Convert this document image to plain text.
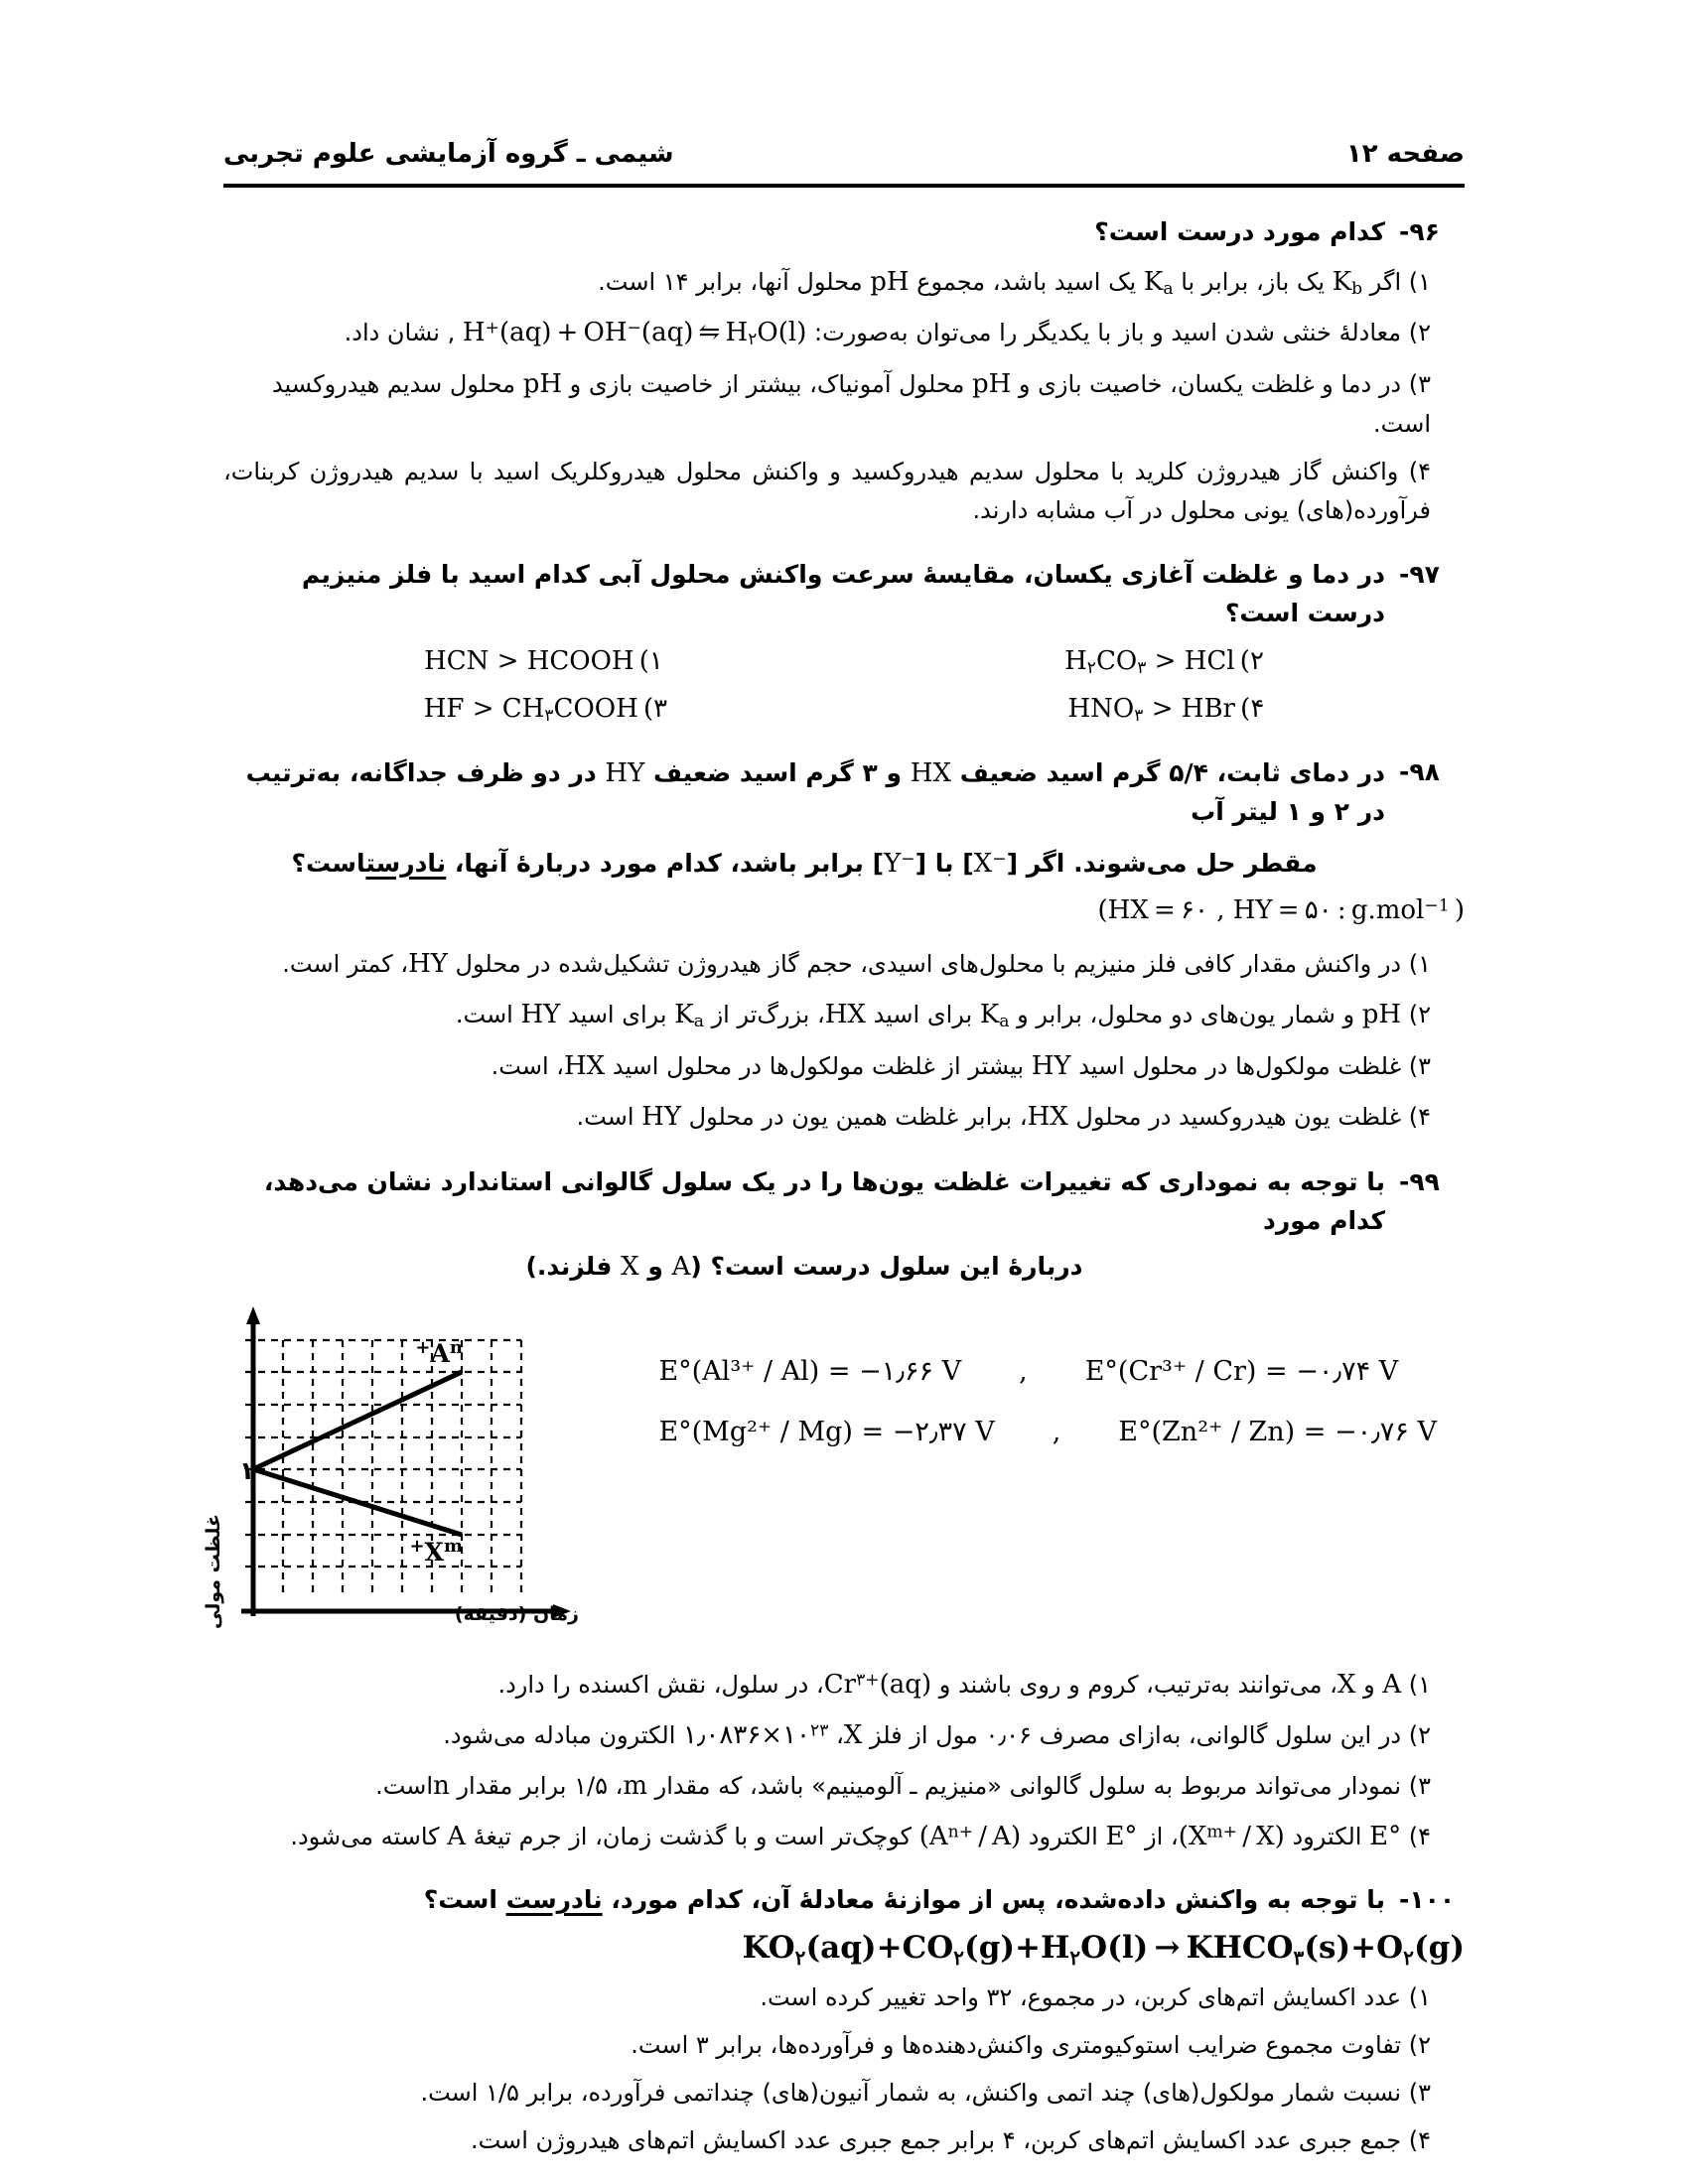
شیمی ـ گروه آزمایشی علوم تجربی	صفحه ۱۲
۹۶-
کدام مورد درست است؟
۱) اگر $K_b$ یک باز، برابر با $K_a$ یک اسید باشد، مجموع pH محلول آنها، برابر ۱۴ است.
۲) معادلهٔ خنثی شدن اسید و باز با یکدیگر را می‌توان به‌صورت: H+(aq) + OH−(aq) ⇋ $H_۲O(l)$ , نشان داد.
۳) در دما و غلظت یکسان، خاصیت بازی و pH محلول آمونیاک، بیشتر از خاصیت بازی و pH محلول سدیم هیدروکسید است.
۴) واکنش گاز هیدروژن کلرید با محلول سدیم هیدروکسید و واکنش محلول هیدروکلریک اسید با سدیم هیدروژن کربنات، فرآورده(های) یونی محلول در آب مشابه دارند.
۹۷-
در دما و غلظت آغازی یکسان، مقایسهٔ سرعت واکنش محلول آبی کدام اسید با فلز منیزیم درست است؟
$H_۲CO_۳$ > HCl (۲
HCN > HCOOH (۱
$HNO_۳$ > HBr (۴
HF > $CH_۳COOH$ (۳
۹۸-
در دمای ثابت، ۵/۴ گرم اسید ضعیف HX و ۳ گرم اسید ضعیف HY در دو ظرف جداگانه، به‌ترتیب در ۲ و ۱ لیتر آب
مقطر حل می‌شوند. اگر [X−] با [Y−] برابر باشد، کدام مورد دربارهٔ آنها، نادرستاست؟
(HX = ۶۰ , HY = ۵۰ : g.mol$^{-1}$ )
۱) در واکنش مقدار کافی فلز منیزیم با محلول‌های اسیدی، حجم گاز هیدروژن تشکیل‌شده در محلول HY، کمتر است.
۲) pH و شمار یون‌های دو محلول، برابر و $K_a$ برای اسید HX، بزرگ‌تر از $K_a$ برای اسید HY است.
۳) غلظت مولکول‌ها در محلول اسید HY بیشتر از غلظت مولکول‌ها در محلول اسید HX، است.
۴) غلظت یون هیدروکسید در محلول HX، برابر غلظت همین یون در محلول HY است.
۹۹-
با توجه به نموداری که تغییرات غلظت یون‌ها را در یک سلول گالوانی استاندارد نشان می‌دهد، کدام مورد
دربارهٔ این سلول درست است؟ (A و X فلزند.)
E°(Al³⁺ / Al) = −۱٫۶۶ V , E°(Cr³⁺ / Cr) = −۰٫۷۴ V
E°(Mg²⁺ / Mg) = −۲٫۳۷ V , E°(Zn²⁺ / Zn) = −۰٫۷۶ V
$A^{n+}$
$X^{m+}$
۱
غلظت مولی	زمان (دقیقه)
۱) A و X، می‌توانند به‌ترتیب، کروم و روی باشند و $Cr^{۳+}(aq)،$ در سلول، نقش اکسنده را دارد.
۲) در این سلول گالوانی، به‌ازای مصرف ۰٫۰۶ مول از فلز X، $۱٫۰۸۳۶\times ۱۰^{۲۳}$ الکترون مبادله می‌شود.
۳) نمودار می‌تواند مربوط به سلول گالوانی «منیزیم ـ آلومینیم» باشد، که مقدار m، ۱/۵ برابر مقدار nاست.
۴) E° الکترود ($X^{m+}$ / X)، از E° الکترود $(A^{n+} / A)$ کوچک‌تر است و با گذشت زمان، از جرم تیغهٔ A کاسته می‌شود.
۱۰۰-
با توجه به واکنش داده‌شده، پس از موازنهٔ معادلهٔ آن، کدام مورد، نادرست است؟
$KO_۲(aq)+CO_۲(g)+H_۲O(l)$ → $KHCO_۳(s)+O_۲(g)$
۱) عدد اکسایش اتم‌های کربن، در مجموع، ۳۲ واحد تغییر کرده است.
۲) تفاوت مجموع ضرایب استوکیومتری واکنش‌دهنده‌ها و فرآورده‌ها، برابر ۳ است.
۳) نسبت شمار مولکول(های) چند اتمی واکنش، به شمار آنیون(های) چنداتمی فرآورده، برابر ۱/۵ است.
۴) جمع جبری عدد اکسایش اتم‌های کربن، ۴ برابر جمع جبری عدد اکسایش اتم‌های هیدروژن است.
